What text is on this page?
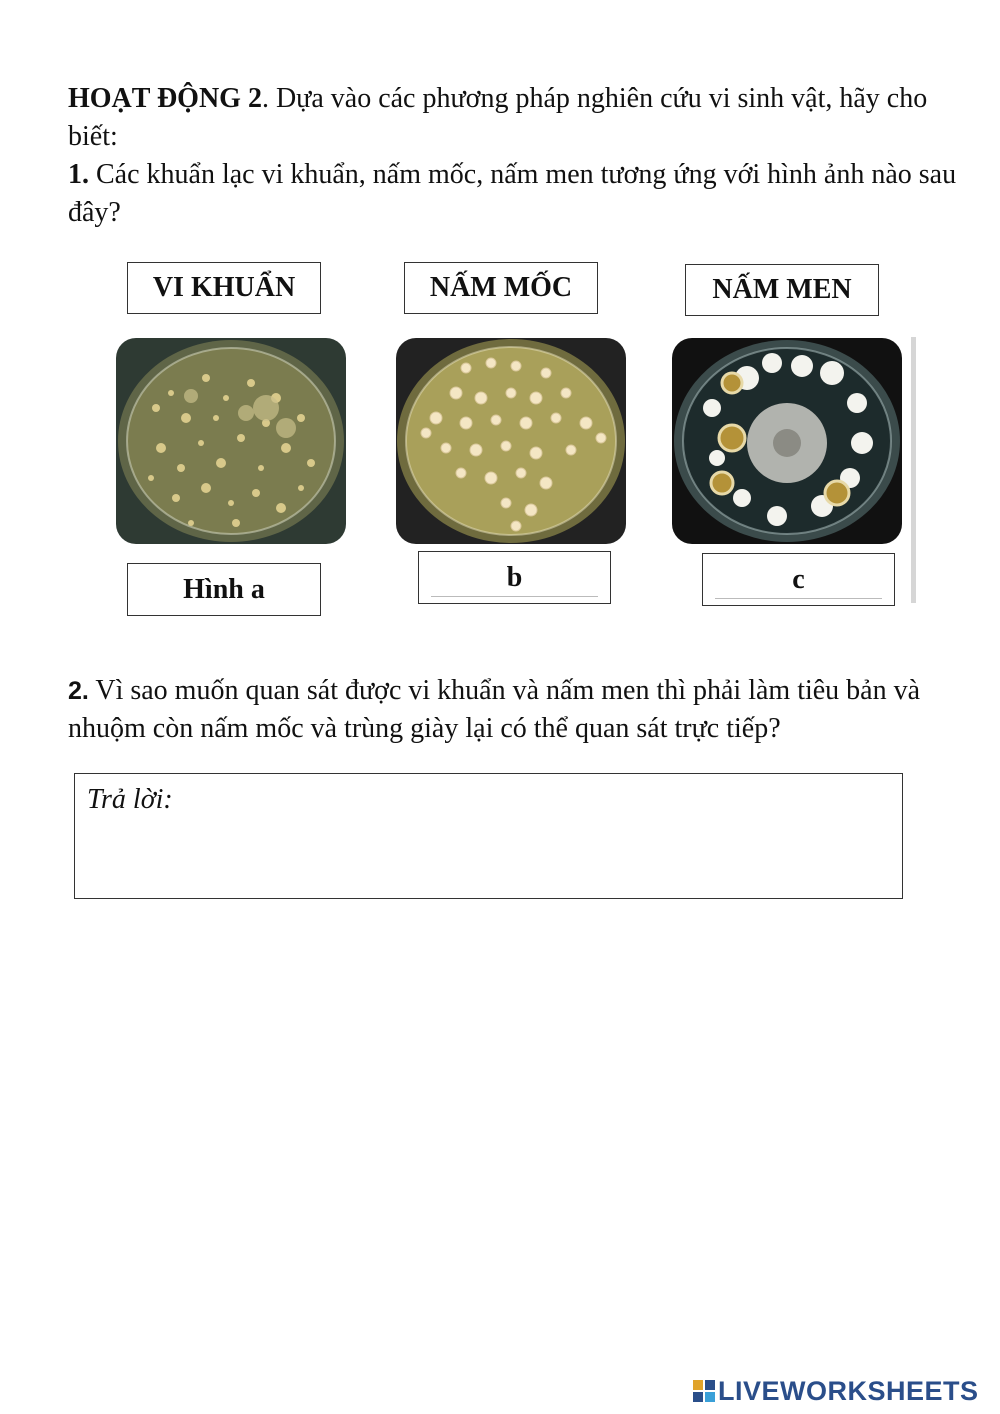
HOẠT ĐỘNG 2. Dựa vào các phương pháp nghiên cứu vi sinh vật, hãy cho biết:
1. Các khuẩn lạc vi khuẩn, nấm mốc, nấm men tương ứng với hình ảnh nào sau đây?

VI KHUẨN	NẤM MỐC	NẤM MEN
Hình a	b	c

2. Vì sao muốn quan sát được vi khuẩn và nấm men thì phải làm tiêu bản và nhuộm còn nấm mốc và trùng giày lại có thể quan sát trực tiếp?

Trả lời:
LIVEWORKSHEETS
